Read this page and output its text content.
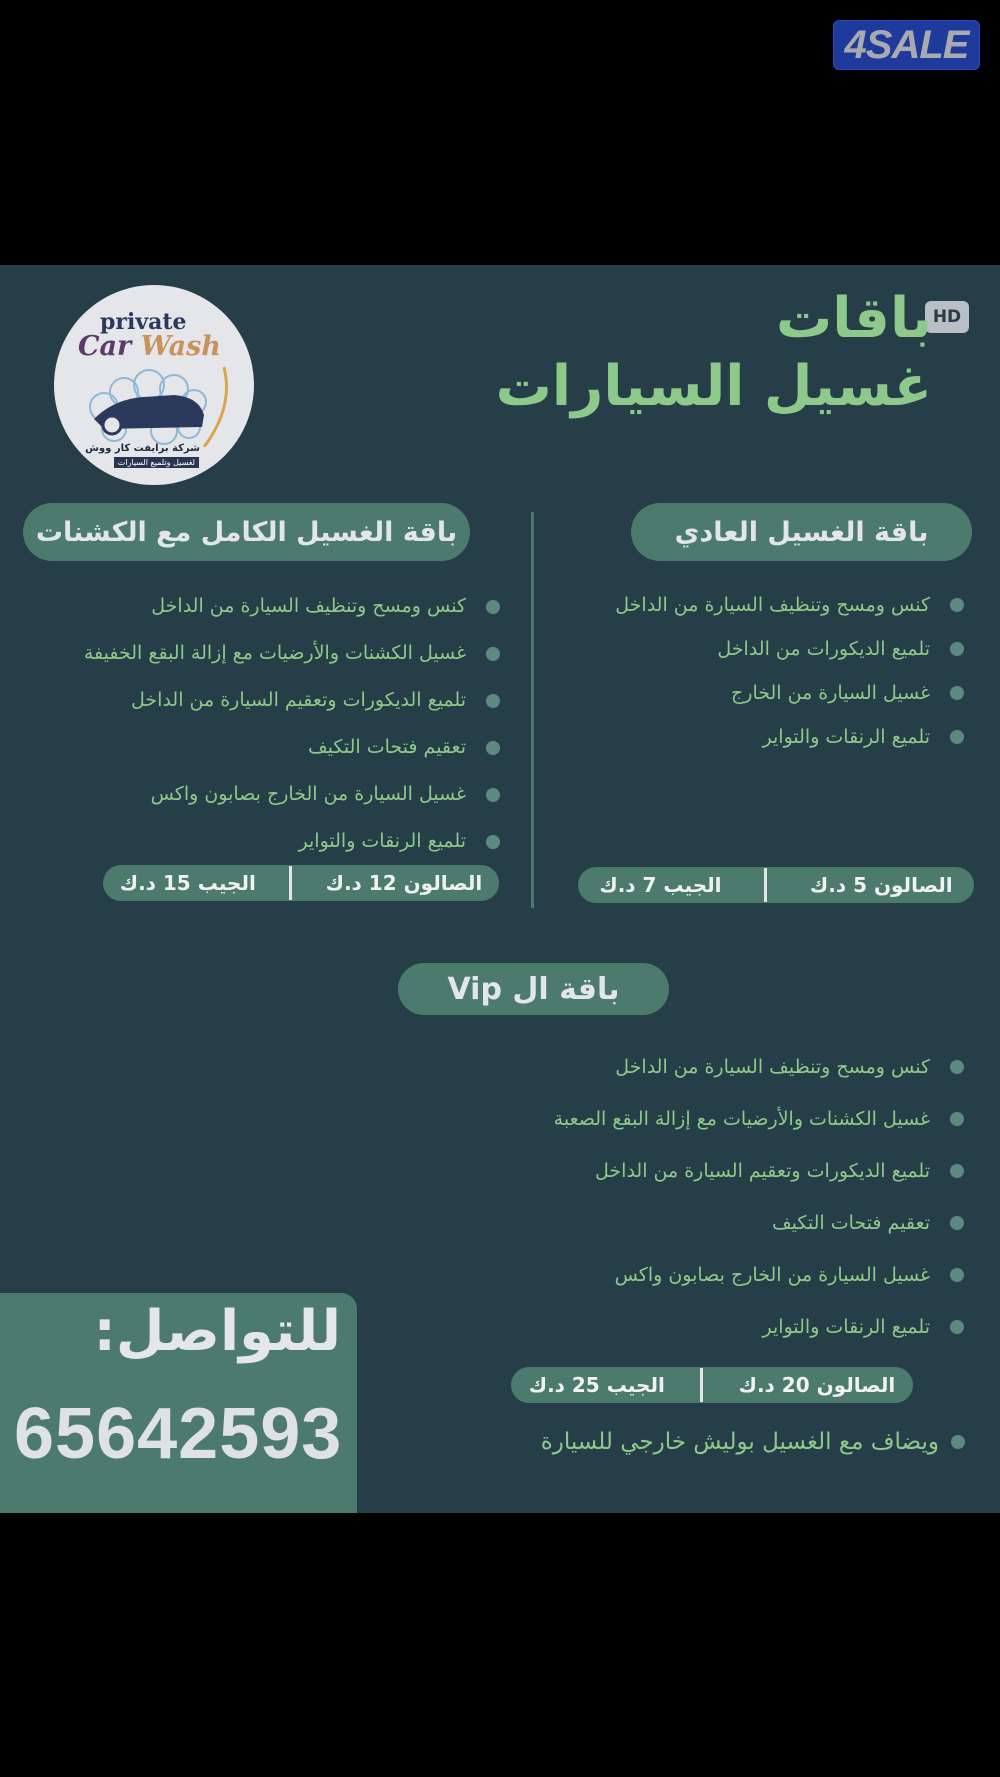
4SALE
private
Car Wash
شركة برايفت كار ووش
لغسيل وتلميع السيارات
HD
باقات
غسيل السيارات
باقة الغسيل العادي
كنس ومسح وتنظيف السيارة من الداخل
تلميع الديكورات من الداخل
غسيل السيارة من الخارج
تلميع الرنقات والتواير
الصالون 5 د.ك
الجيب 7 د.ك
باقة الغسيل الكامل مع الكشنات
كنس ومسح وتنظيف السيارة من الداخل
غسيل الكشنات والأرضيات مع إزالة البقع الخفيفة
تلميع الديكورات وتعقيم السيارة من الداخل
تعقيم فتحات التكيف
غسيل السيارة من الخارج بصابون واكس
تلميع الرنقات والتواير
الصالون 12 د.ك
الجيب 15 د.ك
باقة ال Vip
كنس ومسح وتنظيف السيارة من الداخل
غسيل الكشنات والأرضيات مع إزالة البقع الصعبة
تلميع الديكورات وتعقيم السيارة من الداخل
تعقيم فتحات التكيف
غسيل السيارة من الخارج بصابون واكس
تلميع الرنقات والتواير
الصالون 20 د.ك
الجيب 25 د.ك
ويضاف مع الغسيل بوليش خارجي للسيارة
للتواصل:
65642593
